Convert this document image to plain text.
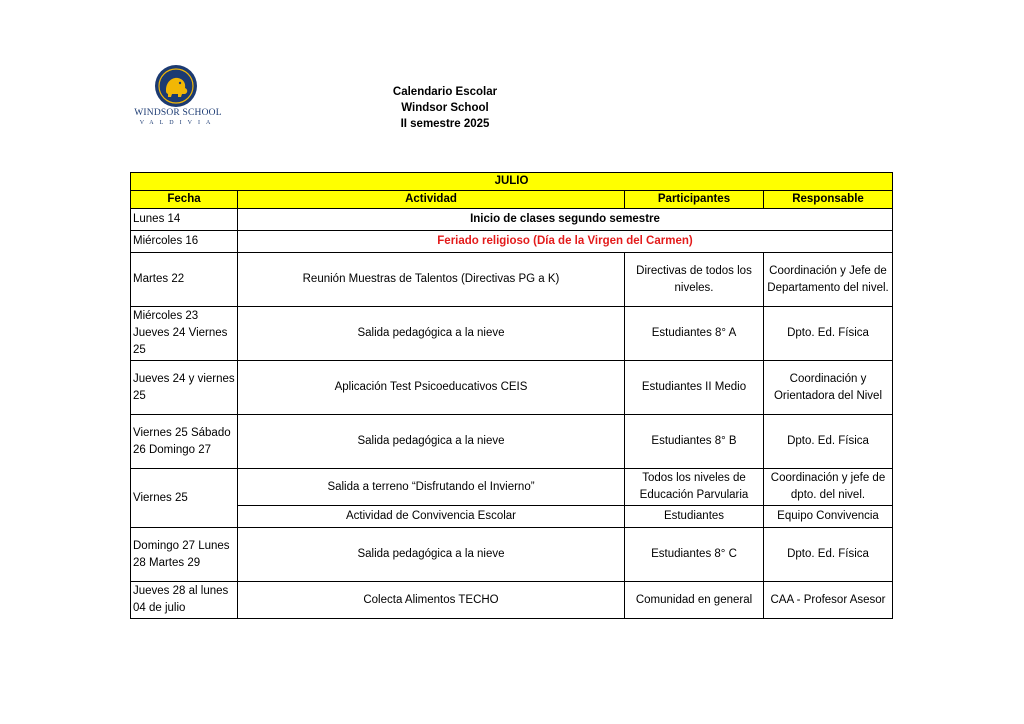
WINDSOR SCHOOL
VALDIVIA
Calendario Escolar
Windsor School
II semestre 2025
JULIO			
Fecha	Actividad	Participantes	Responsable
Lunes 14	Inicio de clases segundo semestre		
Miércoles 16	Feriado religioso (Día de la Virgen del Carmen)		
Martes 22	Reunión Muestras de Talentos (Directivas PG a K)	Directivas de todos los niveles.	Coordinación y Jefe de Departamento del nivel.
Miércoles 23 Jueves 24 Viernes 25	Salida pedagógica a la nieve	Estudiantes 8° A	Dpto. Ed. Física
Jueves 24 y viernes 25	Aplicación Test Psicoeducativos CEIS	Estudiantes II Medio	Coordinación y Orientadora del Nivel
Viernes 25 Sábado 26 Domingo 27	Salida pedagógica a la nieve	Estudiantes 8° B	Dpto. Ed. Física
Viernes 25	Salida a terreno “Disfrutando el Invierno”	Todos los niveles de Educación Parvularia	Coordinación y jefe de dpto. del nivel.
	Actividad de Convivencia Escolar	Estudiantes	Equipo Convivencia
Domingo 27 Lunes 28 Martes 29	Salida pedagógica a la nieve	Estudiantes 8° C	Dpto. Ed. Física
Jueves 28 al lunes 04 de julio	Colecta Alimentos TECHO	Comunidad en general	CAA - Profesor Asesor
